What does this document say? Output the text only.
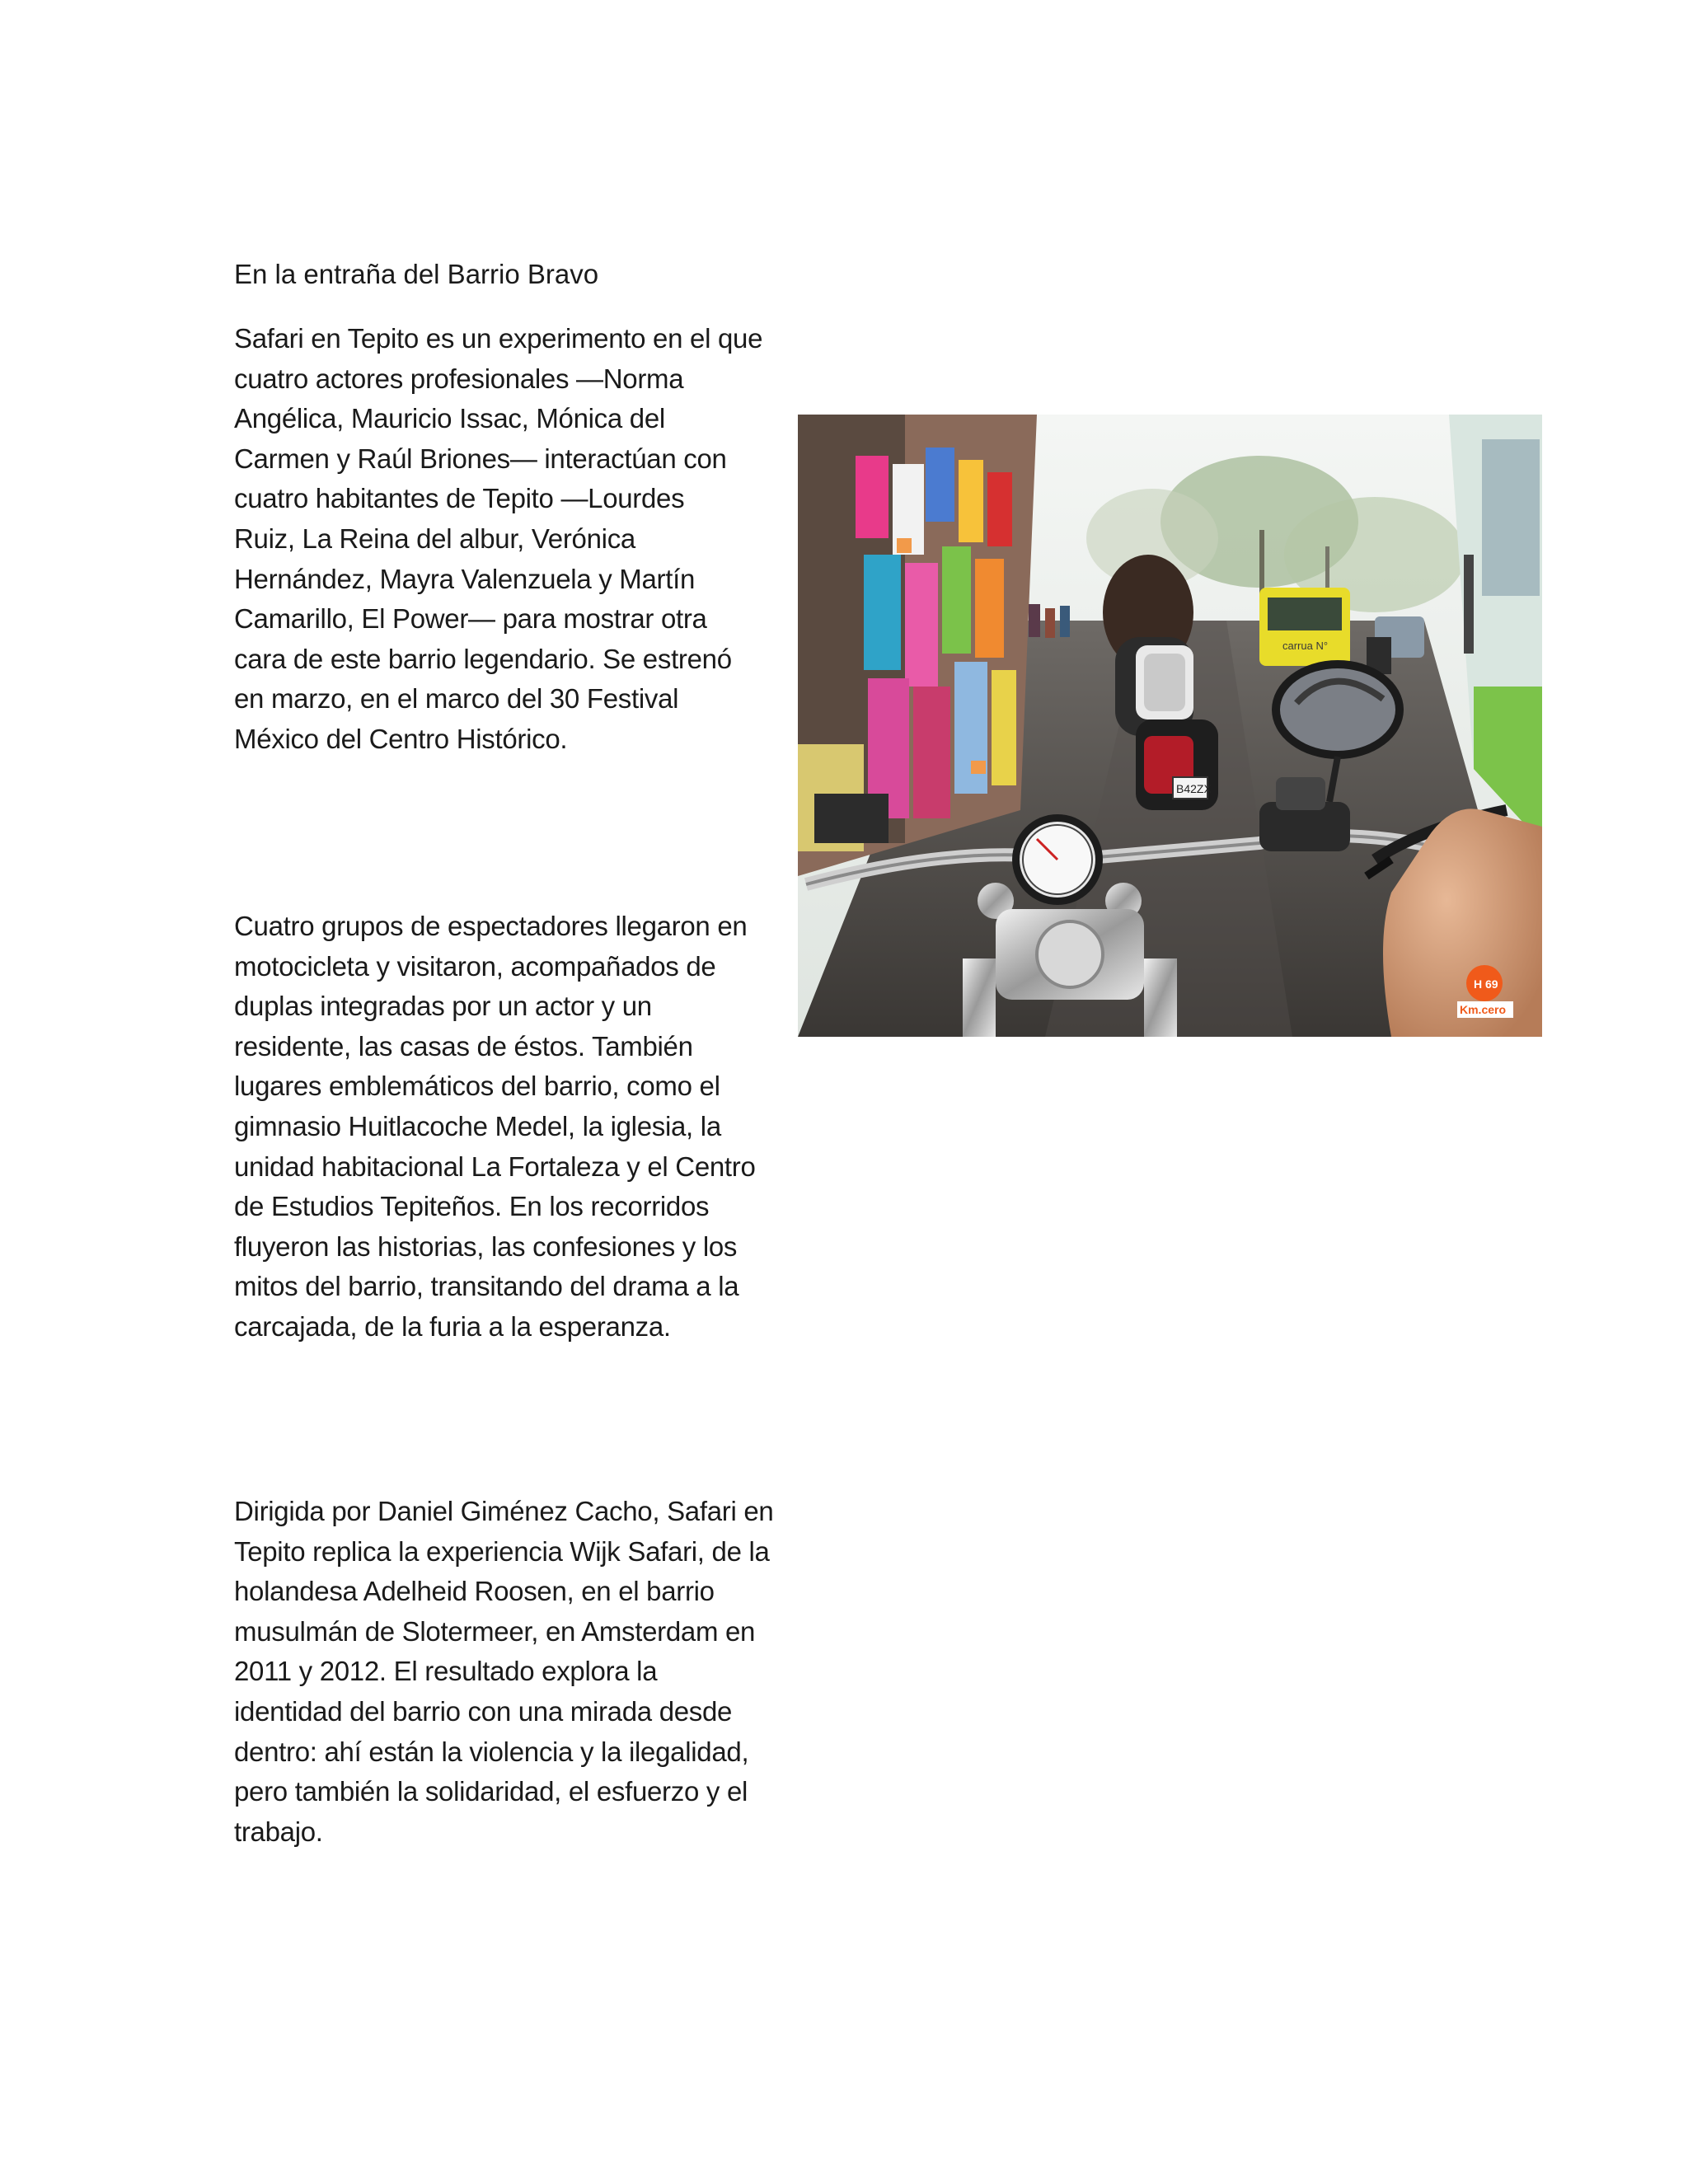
En la entraña del Barrio Bravo

Safari en Tepito es un experimento en el que
cuatro actores profesionales —Norma
Angélica, Mauricio Issac, Mónica del
Carmen y Raúl Briones— interactúan con
cuatro habitantes de Tepito —Lourdes
Ruiz, La Reina del albur, Verónica
Hernández, Mayra Valenzuela y Martín
Camarillo, El Power— para mostrar otra
cara de este barrio legendario. Se estrenó
en marzo, en el marco del 30 Festival
México del Centro Histórico.

Cuatro grupos de espectadores llegaron en
motocicleta y visitaron, acompañados de
duplas integradas por un actor y un
residente, las casas de éstos. También
lugares emblemáticos del barrio, como el
gimnasio Huitlacoche Medel, la iglesia, la
unidad habitacional La Fortaleza y el Centro
de Estudios Tepiteños. En los recorridos
fluyeron las historias, las confesiones y los
mitos del barrio, transitando del drama a la
carcajada, de la furia a la esperanza.

Dirigida por Daniel Giménez Cacho, Safari en
Tepito replica la experiencia Wijk Safari, de la
holandesa Adelheid Roosen, en el barrio
musulmán de Slotermeer, en Amsterdam en
2011 y 2012. El resultado explora la
identidad del barrio con una mirada desde
dentro: ahí están la violencia y la ilegalidad,
pero también la solidaridad, el esfuerzo y el
trabajo.

carrua N°
B42ZX
H 69
Km.cero
